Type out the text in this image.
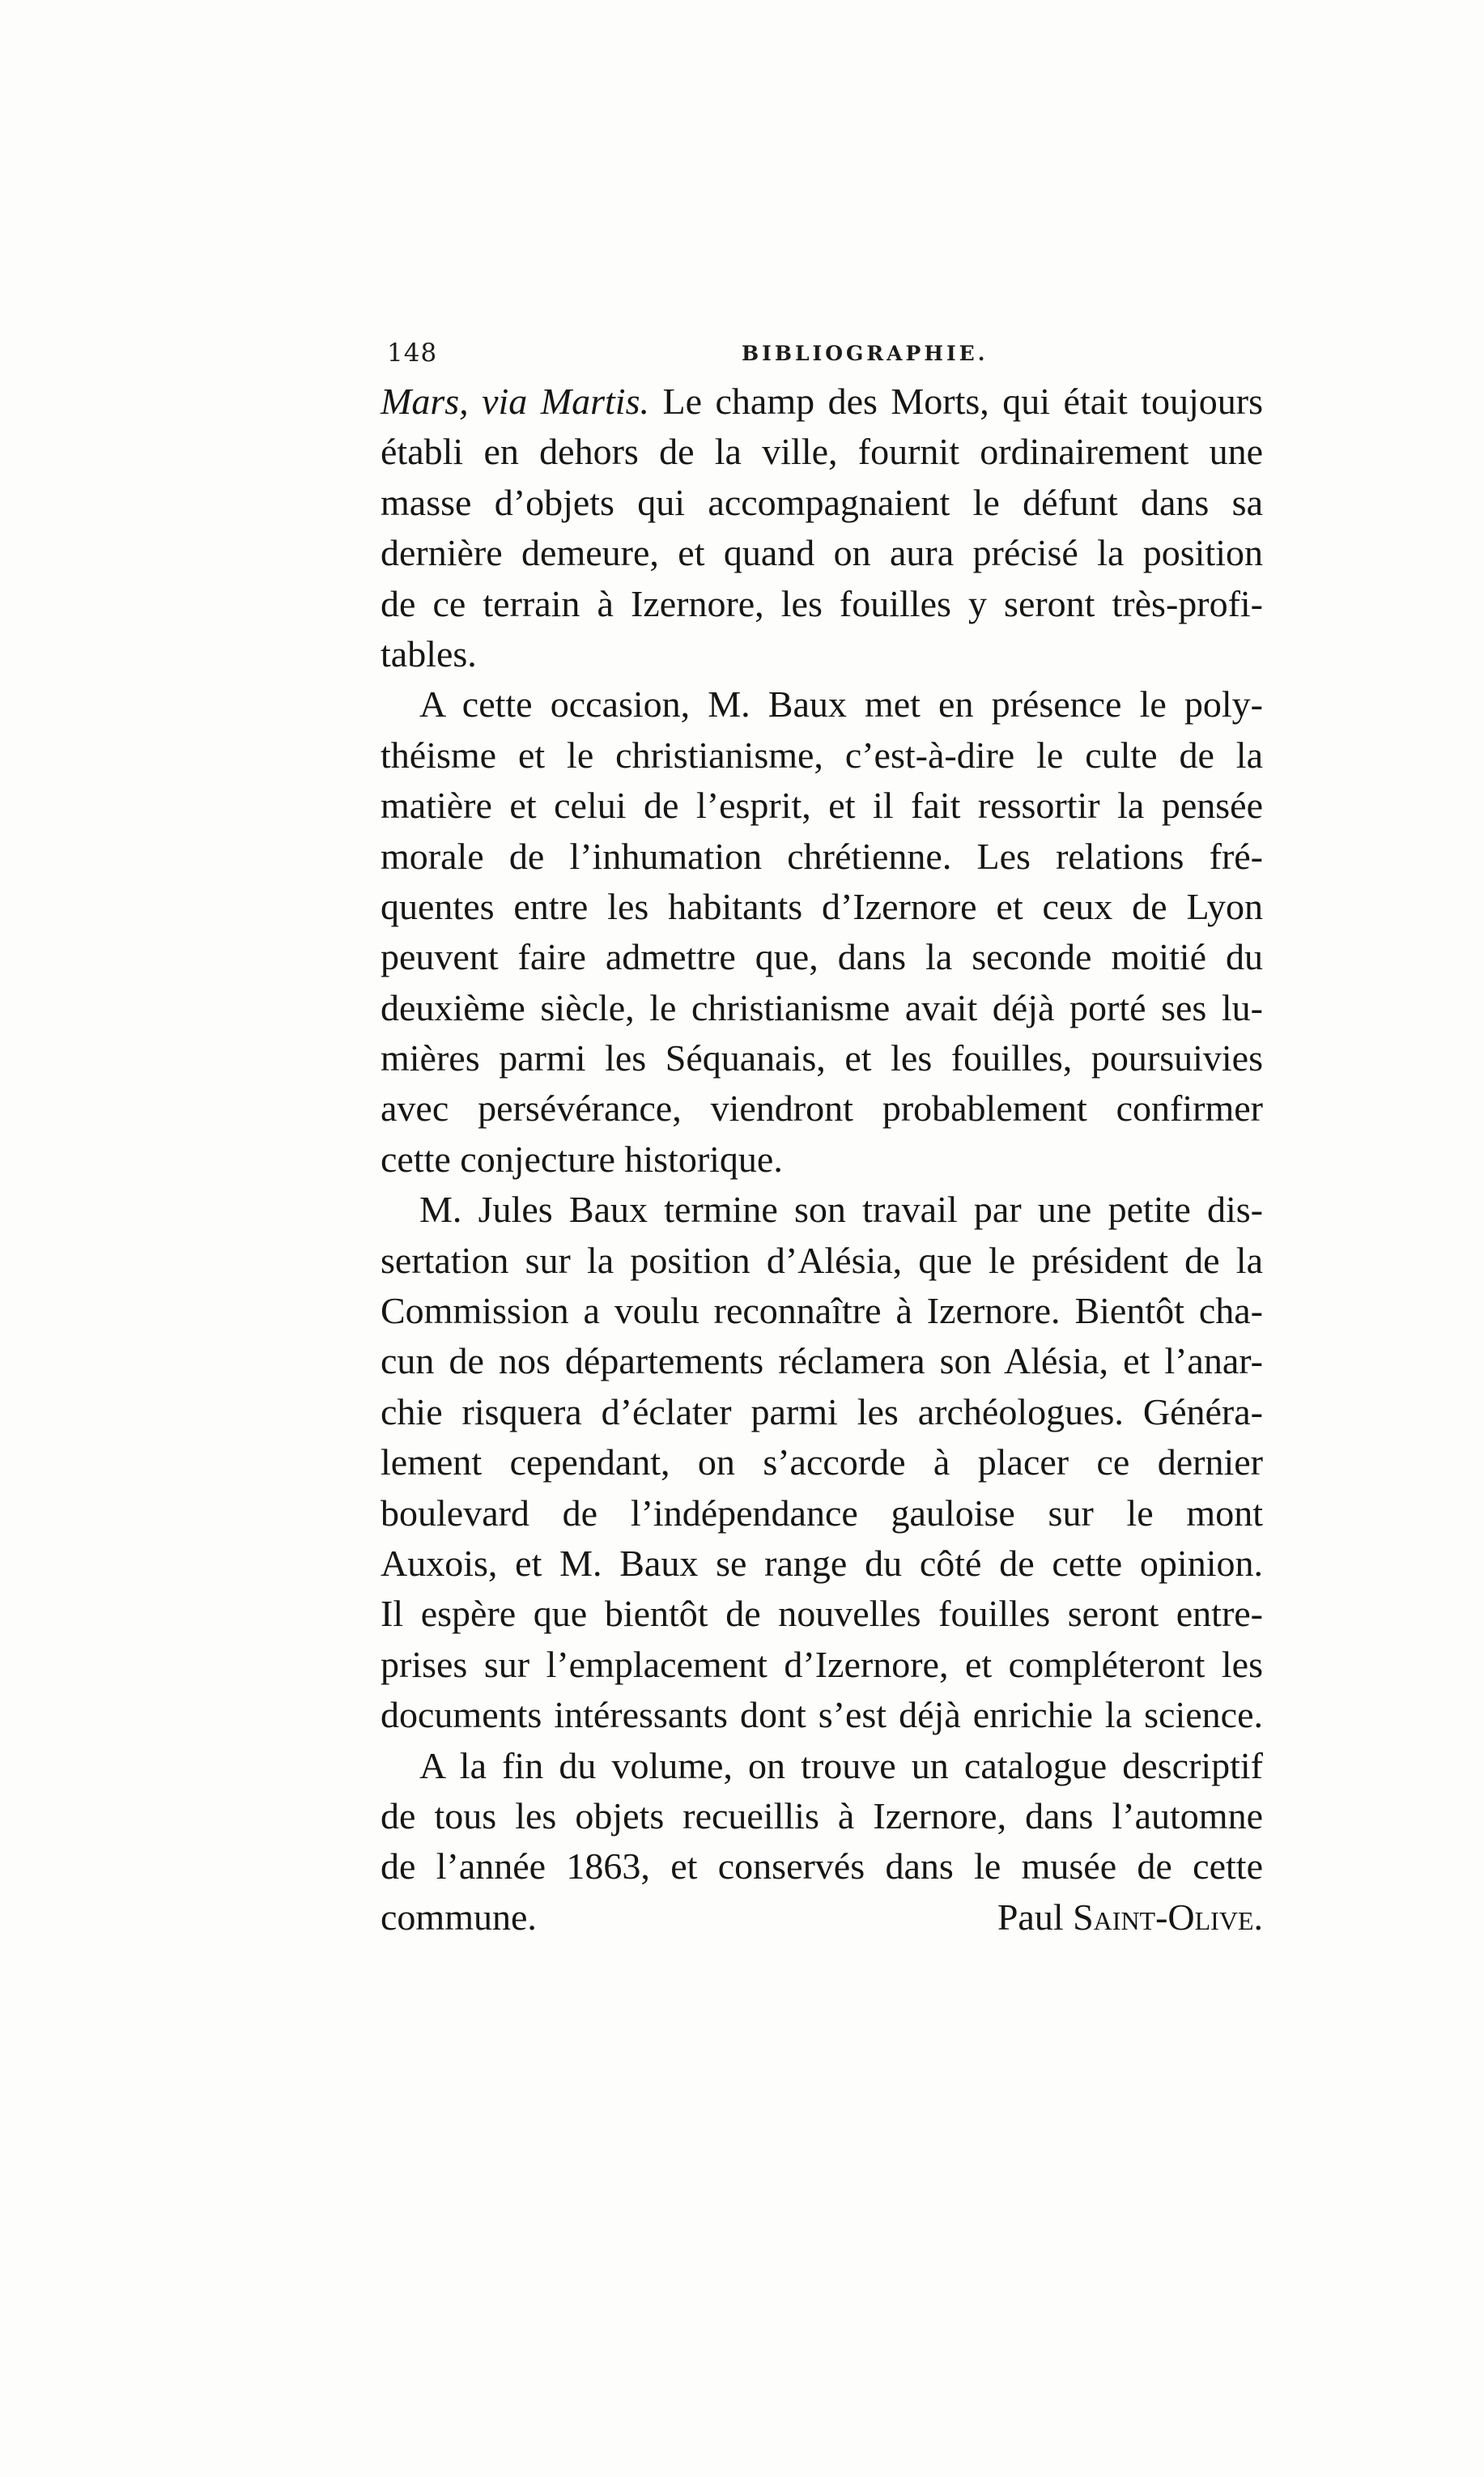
148	BIBLIOGRAPHIE.
Mars, via Martis. Le champ des Morts, qui était toujours
établi en dehors de la ville, fournit ordinairement une
masse d’objets qui accompagnaient le défunt dans sa
dernière demeure, et quand on aura précisé la position
de ce terrain à Izernore, les fouilles y seront très-profi-
tables.
A cette occasion, M. Baux met en présence le poly-
théisme et le christianisme, c’est-à-dire le culte de la
matière et celui de l’esprit, et il fait ressortir la pensée
morale de l’inhumation chrétienne. Les relations fré-
quentes entre les habitants d’Izernore et ceux de Lyon
peuvent faire admettre que, dans la seconde moitié du
deuxième siècle, le christianisme avait déjà porté ses lu-
mières parmi les Séquanais, et les fouilles, poursuivies
avec persévérance, viendront probablement confirmer
cette conjecture historique.
M. Jules Baux termine son travail par une petite dis-
sertation sur la position d’Alésia, que le président de la
Commission a voulu reconnaître à Izernore. Bientôt cha-
cun de nos départements réclamera son Alésia, et l’anar-
chie risquera d’éclater parmi les archéologues. Généra-
lement cependant, on s’accorde à placer ce dernier
boulevard de l’indépendance gauloise sur le mont
Auxois, et M. Baux se range du côté de cette opinion.
Il espère que bientôt de nouvelles fouilles seront entre-
prises sur l’emplacement d’Izernore, et compléteront les
documents intéressants dont s’est déjà enrichie la science.
A la fin du volume, on trouve un catalogue descriptif
de tous les objets recueillis à Izernore, dans l’automne
de l’année 1863, et conservés dans le musée de cette
commune.	Paul Saint-Olive.
